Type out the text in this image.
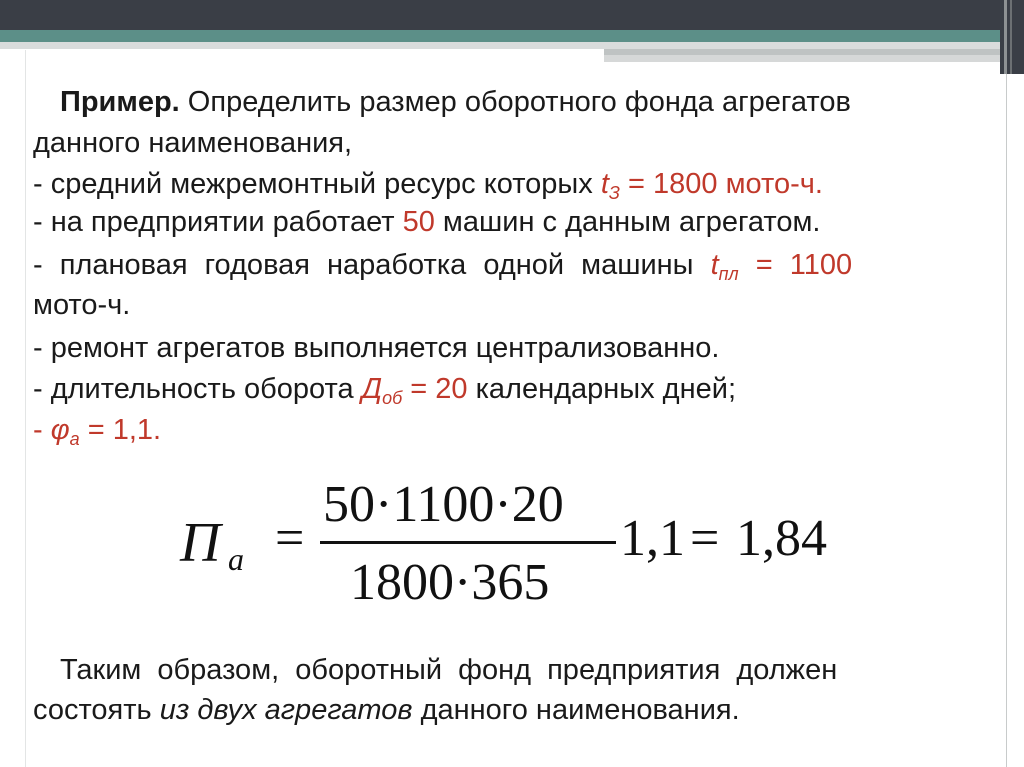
Пример. Определить размер оборотного фонда агрегатов
данного наименования,
- средний межремонтный ресурс которых $t_З = 1800$ мото-ч.
- на предприятии работает 50 машин с данным агрегатом.
- плановая годовая наработка одной машины $t_{пл} = 1100$
мото-ч.
- ремонт агрегатов выполняется централизованно.
- длительность оборота $Д_{об} = 20$ календарных дней;
- $\varphi_а = 1,1$.
П а =
50·1100·20
1800·365
1,1 = 1,84
Таким образом, оборотный фонд предприятия должен
состоять из двух агрегатов данного наименования.
